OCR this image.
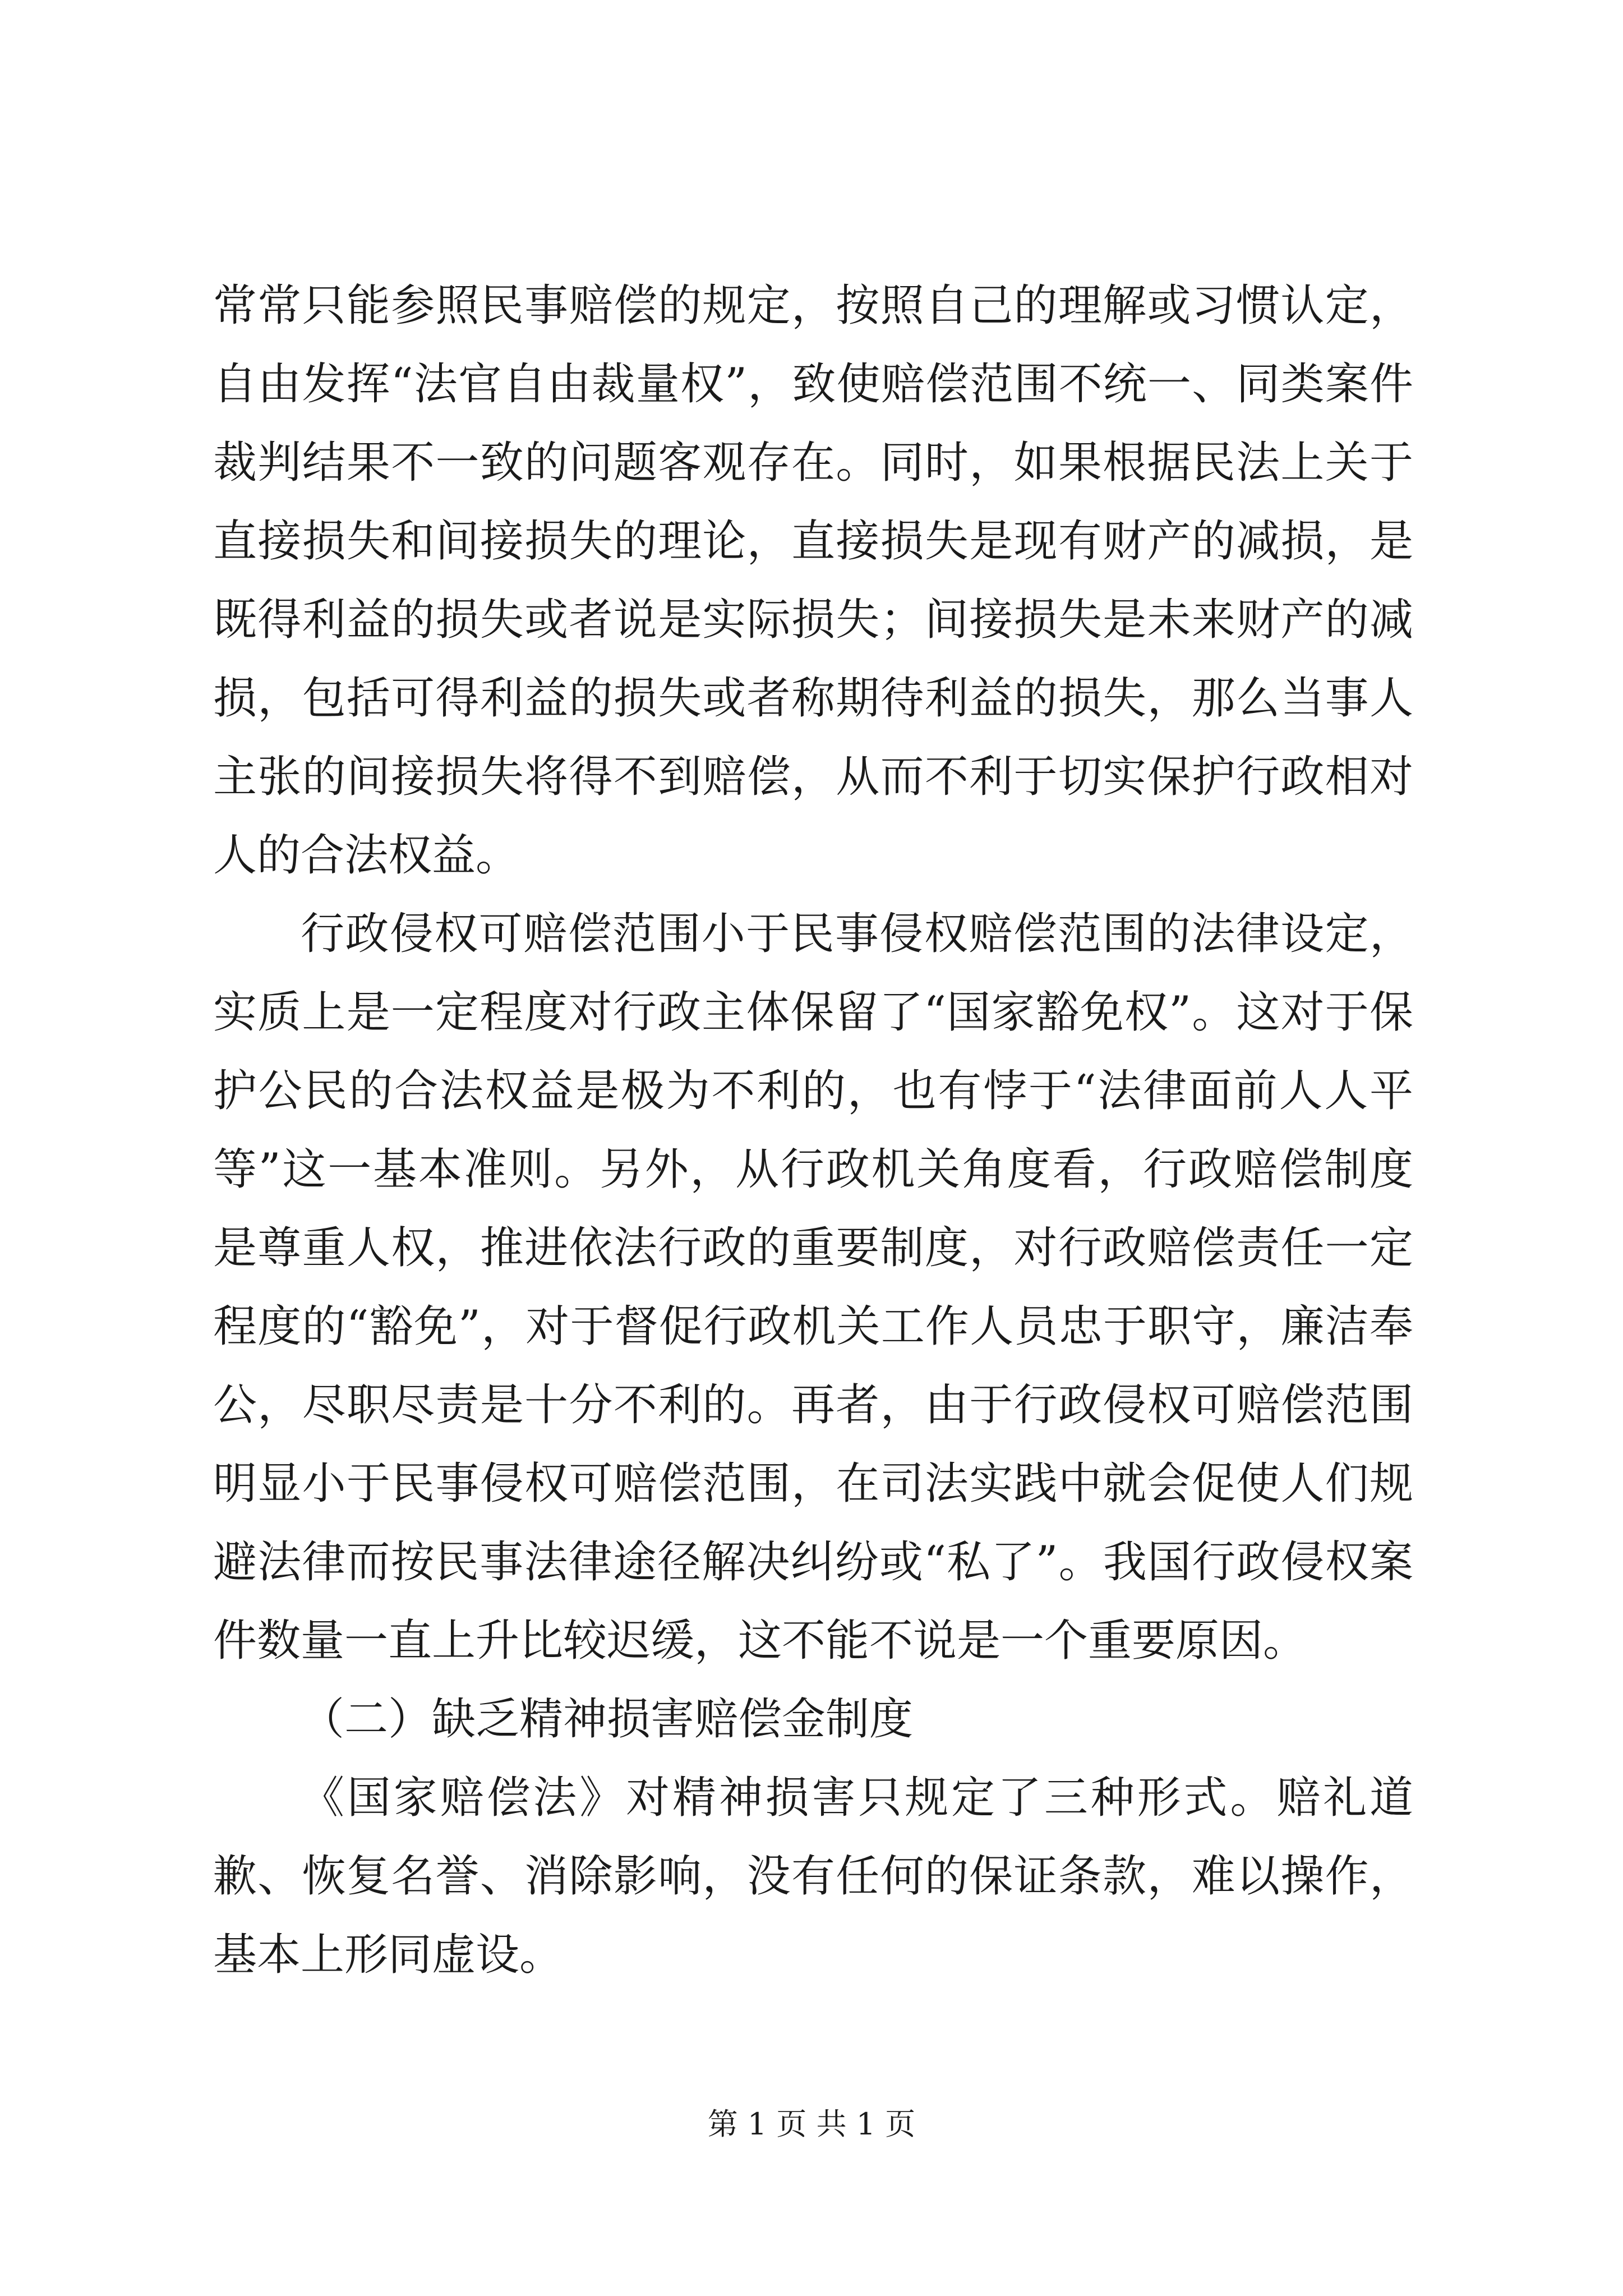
常常只能参照民事赔偿的规定，按照自己的理解或习惯认定，自由发挥“法官自由裁量权”，致使赔偿范围不统一、同类案件裁判结果不一致的问题客观存在。同时，如果根据民法上关于直接损失和间接损失的理论，直接损失是现有财产的减损，是既得利益的损失或者说是实际损失；间接损失是未来财产的减损，包括可得利益的损失或者称期待利益的损失，那么当事人主张的间接损失将得不到赔偿，从而不利于切实保护行政相对人的合法权益。

行政侵权可赔偿范围小于民事侵权赔偿范围的法律设定，实质上是一定程度对行政主体保留了“国家豁免权”。这对于保护公民的合法权益是极为不利的，也有悖于“法律面前人人平等”这一基本准则。另外，从行政机关角度看，行政赔偿制度是尊重人权，推进依法行政的重要制度，对行政赔偿责任一定程度的“豁免”，对于督促行政机关工作人员忠于职守，廉洁奉公，尽职尽责是十分不利的。再者，由于行政侵权可赔偿范围明显小于民事侵权可赔偿范围，在司法实践中就会促使人们规避法律而按民事法律途径解决纠纷或“私了”。我国行政侵权案件数量一直上升比较迟缓，这不能不说是一个重要原因。

（二）缺乏精神损害赔偿金制度

《国家赔偿法》对精神损害只规定了三种形式。赔礼道歉、恢复名誉、消除影响，没有任何的保证条款，难以操作，基本上形同虚设。

第 1 页 共 1 页
